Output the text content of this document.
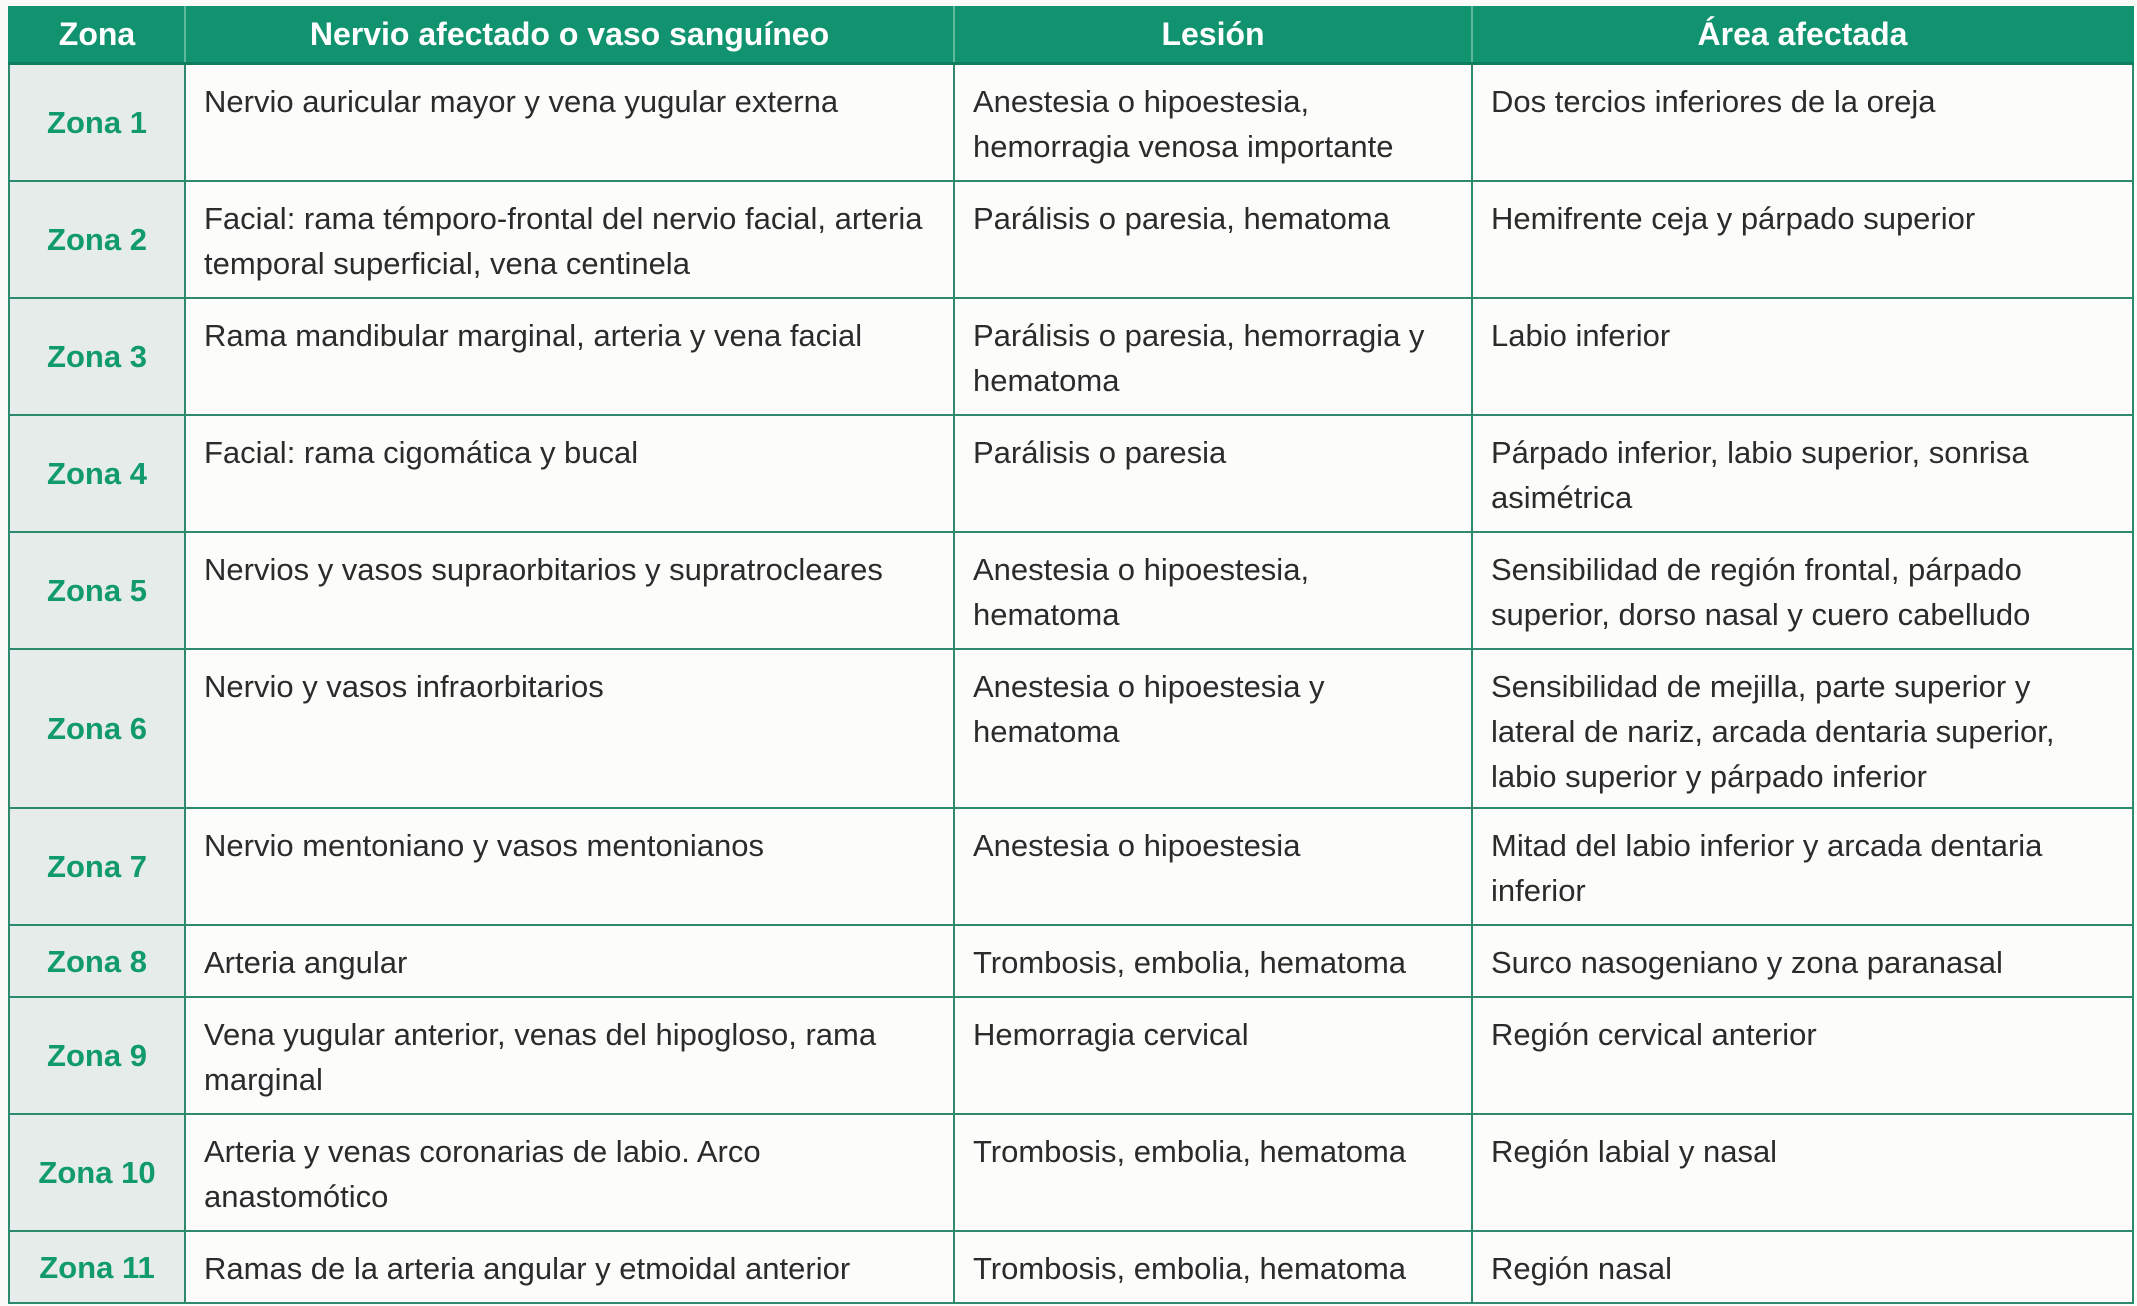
Zona	Nervio afectado o vaso sanguíneo	Lesión	Área afectada
Zona 1	Nervio auricular mayor y vena yugular externa	Anestesia o hipoestesia, hemorragia venosa importante	Dos tercios inferiores de la oreja
Zona 2	Facial: rama témporo-frontal del nervio facial, arteria temporal superficial, vena centinela	Parálisis o paresia, hematoma	Hemifrente ceja y párpado superior
Zona 3	Rama mandibular marginal, arteria y vena facial	Parálisis o paresia, hemorragia y hematoma	Labio inferior
Zona 4	Facial: rama cigomática y bucal	Parálisis o paresia	Párpado inferior, labio superior, sonrisa asimétrica
Zona 5	Nervios y vasos supraorbitarios y supratrocleares	Anestesia o hipoestesia, hematoma	Sensibilidad de región frontal, párpado superior, dorso nasal y cuero cabelludo
Zona 6	Nervio y vasos infraorbitarios	Anestesia o hipoestesia y hematoma	Sensibilidad de mejilla, parte superior y lateral de nariz, arcada dentaria superior, labio superior y párpado inferior
Zona 7	Nervio mentoniano y vasos mentonianos	Anestesia o hipoestesia	Mitad del labio inferior y arcada dentaria inferior
Zona 8	Arteria angular	Trombosis, embolia, hematoma	Surco nasogeniano y zona paranasal
Zona 9	Vena yugular anterior, venas del hipogloso, rama marginal	Hemorragia cervical	Región cervical anterior
Zona 10	Arteria y venas coronarias de labio. Arco anastomótico	Trombosis, embolia, hematoma	Región labial y nasal
Zona 11	Ramas de la arteria angular y etmoidal anterior	Trombosis, embolia, hematoma	Región nasal
